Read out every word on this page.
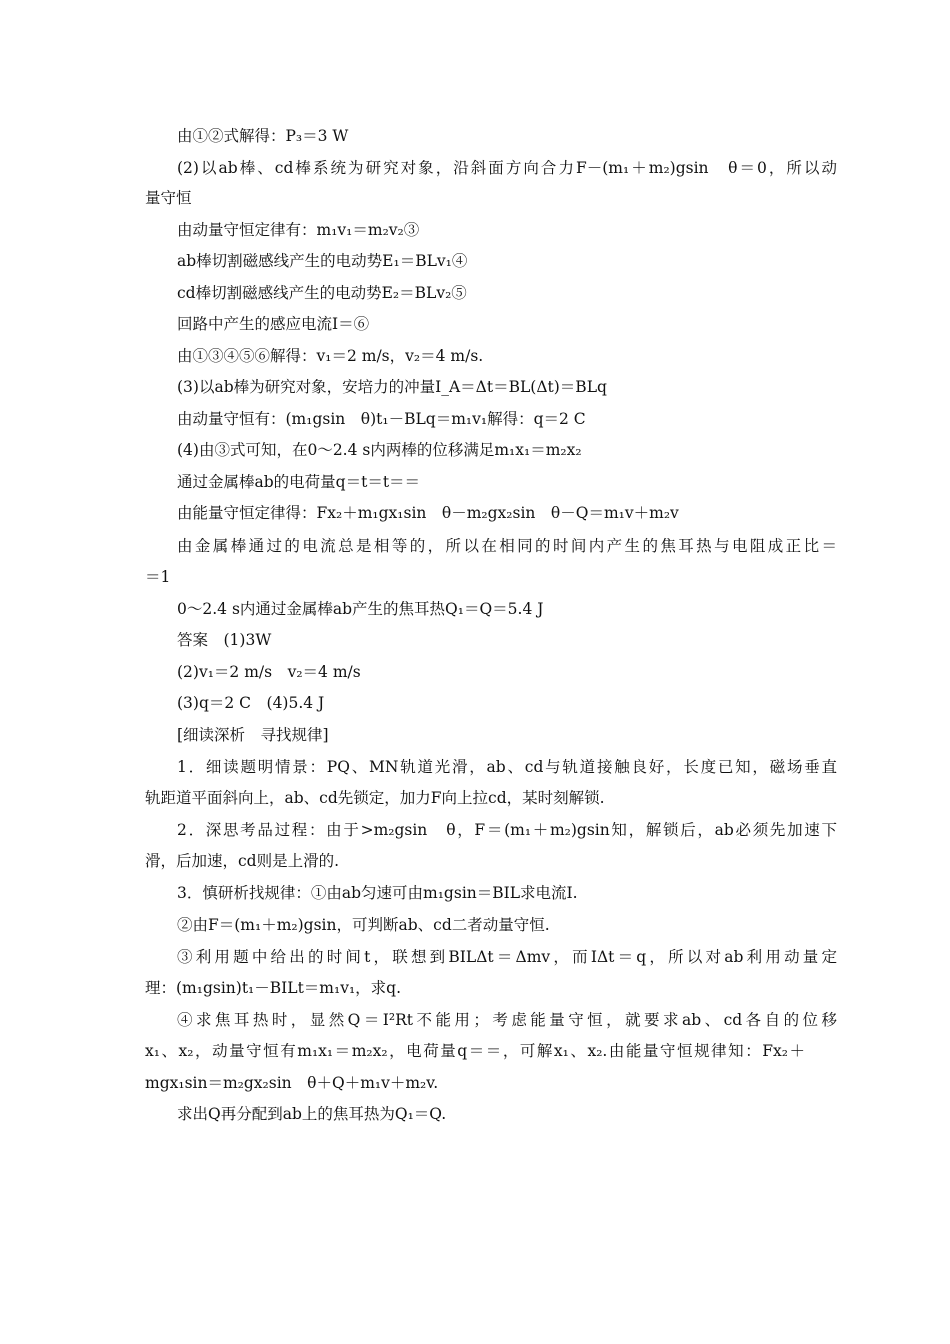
由①②式解得：P₃＝3 W
(2)以ab棒、cd棒系统为研究对象，沿斜面方向合力F－(m₁＋m₂)gsin　θ＝0，所以动
量守恒
由动量守恒定律有：m₁v₁＝m₂v₂③
ab棒切割磁感线产生的电动势E₁＝BLv₁④
cd棒切割磁感线产生的电动势E₂＝BLv₂⑤
回路中产生的感应电流I＝⑥
由①③④⑤⑥解得：v₁＝2 m/s，v₂＝4 m/s.
(3)以ab棒为研究对象，安培力的冲量I_A＝Δt＝BL(Δt)＝BLq
由动量守恒有：(m₁gsin　θ)t₁－BLq＝m₁v₁解得：q＝2 C
(4)由③式可知，在0～2.4 s内两棒的位移满足m₁x₁＝m₂x₂
通过金属棒ab的电荷量q＝t＝t＝＝
由能量守恒定律得：Fx₂＋m₁gx₁sin　θ－m₂gx₂sin　θ－Q＝m₁v＋m₂v
由金属棒通过的电流总是相等的，所以在相同的时间内产生的焦耳热与电阻成正比＝
＝1
0～2.4 s内通过金属棒ab产生的焦耳热Q₁＝Q＝5.4 J
答案　(1)3W
(2)v₁＝2 m/s　v₂＝4 m/s
(3)q＝2 C　(4)5.4 J
[细读深析　寻找规律]
1．细读题明情景：PQ、MN轨道光滑，ab、cd与轨道接触良好，长度已知，磁场垂直
轨距道平面斜向上，ab、cd先锁定，加力F向上拉cd，某时刻解锁.
2．深思考品过程：由于>m₂gsin　θ，F＝(m₁＋m₂)gsin知，解锁后，ab必须先加速下
滑，后加速，cd则是上滑的.
3．慎研析找规律：①由ab匀速可由m₁gsin＝BIL求电流I.
②由F＝(m₁＋m₂)gsin，可判断ab、cd二者动量守恒.
③利用题中给出的时间t，联想到BILΔt＝Δmv，而IΔt＝q，所以对ab利用动量定
理：(m₁gsin)t₁－BILt＝m₁v₁，求q.
④求焦耳热时，显然Q＝I²Rt不能用；考虑能量守恒，就要求ab、cd各自的位移
x₁、x₂，动量守恒有m₁x₁＝m₂x₂，电荷量q＝＝，可解x₁、x₂.由能量守恒规律知：Fx₂＋
mgx₁sin＝m₂gx₂sin　θ＋Q＋m₁v＋m₂v.
求出Q再分配到ab上的焦耳热为Q₁＝Q.
